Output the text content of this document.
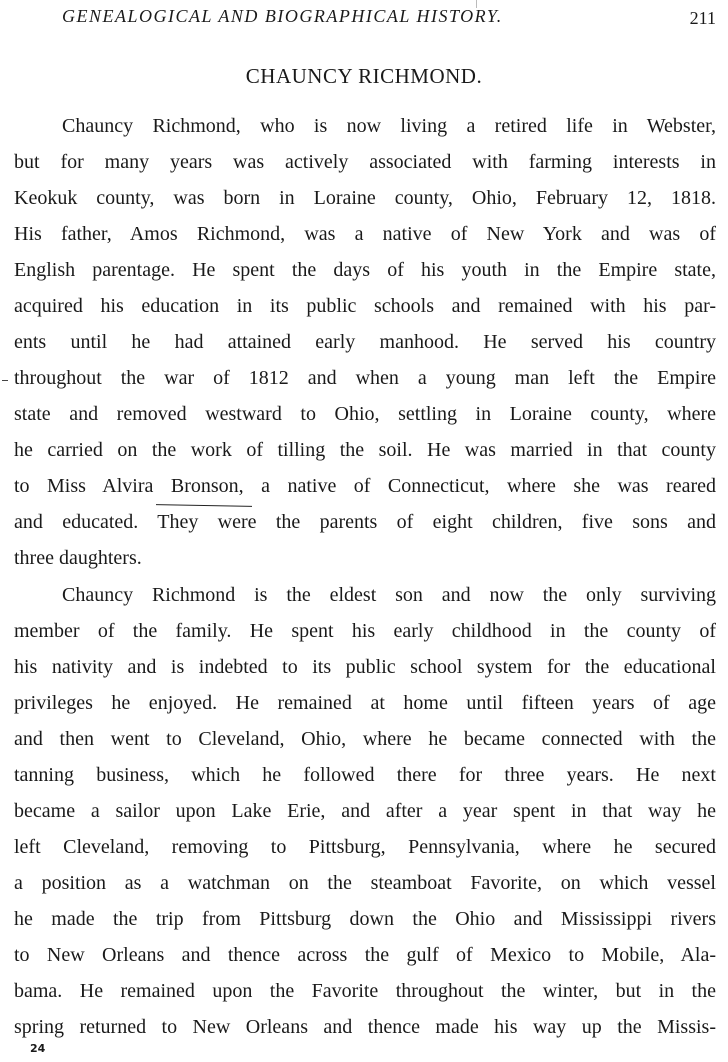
GENEALOGICAL AND BIOGRAPHICAL HISTORY.	211
CHAUNCY RICHMOND.
Chauncy Richmond, who is now living a retired life in Webster,
but for many years was actively associated with farming interests in
Keokuk county, was born in Loraine county, Ohio, February 12, 1818.
His father, Amos Richmond, was a native of New York and was of
English parentage. He spent the days of his youth in the Empire state,
acquired his education in its public schools and remained with his par-
ents until he had attained early manhood. He served his country
throughout the war of 1812 and when a young man left the Empire
state and removed westward to Ohio, settling in Loraine county, where
he carried on the work of tilling the soil. He was married in that county
to Miss Alvira Bronson, a native of Connecticut, where she was reared
and educated. They were the parents of eight children, five sons and
three daughters.
Chauncy Richmond is the eldest son and now the only surviving
member of the family. He spent his early childhood in the county of
his nativity and is indebted to its public school system for the educational
privileges he enjoyed. He remained at home until fifteen years of age
and then went to Cleveland, Ohio, where he became connected with the
tanning business, which he followed there for three years. He next
became a sailor upon Lake Erie, and after a year spent in that way he
left Cleveland, removing to Pittsburg, Pennsylvania, where he secured
a position as a watchman on the steamboat Favorite, on which vessel
he made the trip from Pittsburg down the Ohio and Mississippi rivers
to New Orleans and thence across the gulf of Mexico to Mobile, Ala-
bama. He remained upon the Favorite throughout the winter, but in the
spring returned to New Orleans and thence made his way up the Missis-
24
